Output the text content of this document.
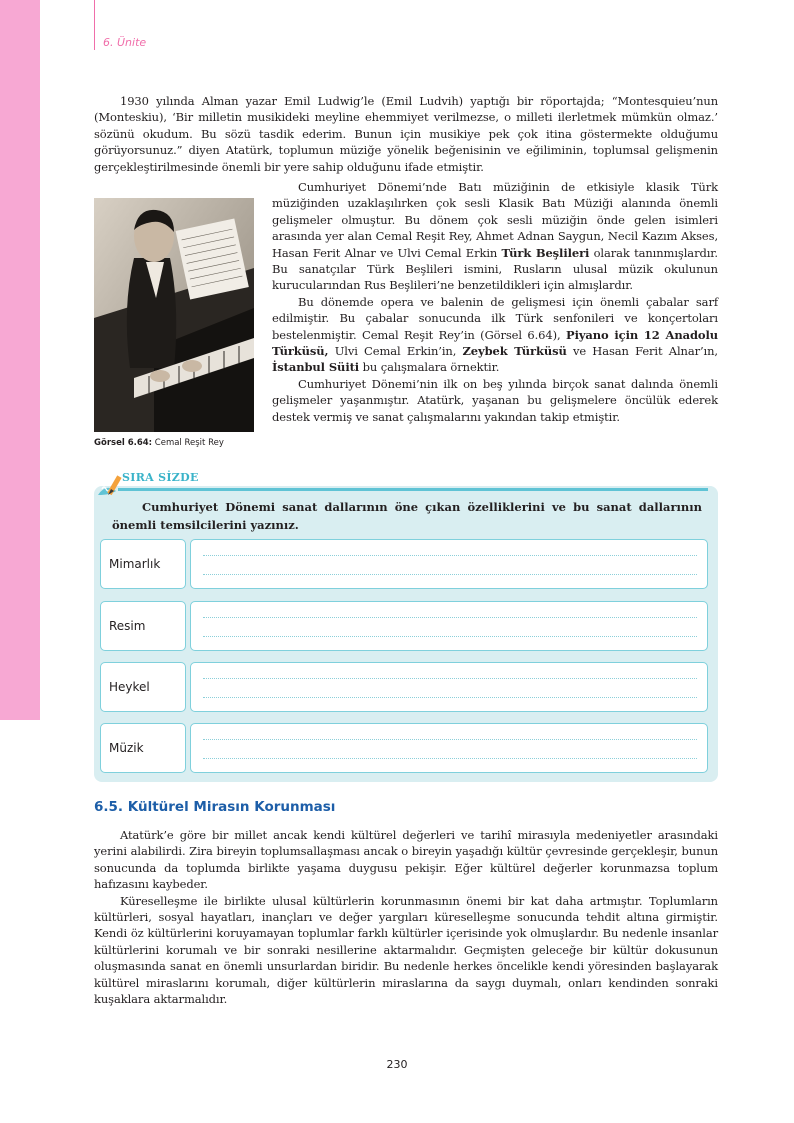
6. Ünite

1930 yılında Alman yazar Emil Ludwig’le (Emil Ludvih) yaptığı bir röportajda; “Montesquieu’nun (Monteskiu), ‘Bir milletin musikideki meyline ehemmiyet verilmezse, o milleti ilerletmek mümkün olmaz.’ sözünü okudum. Bu sözü tasdik ederim. Bunun için musikiye pek çok itina göstermekte olduğumu görüyorsunuz.” diyen Atatürk, toplumun müziğe yönelik beğenisinin ve eğiliminin, toplumsal gelişmenin gerçekleştirilmesinde önemli bir yere sahip olduğunu ifade etmiştir.

Görsel 6.64: Cemal Reşit Rey

Cumhuriyet Dönemi’nde Batı müziğinin de etkisiyle klasik Türk müziğinden uzaklaşılırken çok sesli Klasik Batı Müziği alanında önemli gelişmeler olmuştur. Bu dönem çok sesli müziğin önde gelen isimleri arasında yer alan Cemal Reşit Rey, Ahmet Adnan Saygun, Necil Kazım Akses, Hasan Ferit Alnar ve Ulvi Cemal Erkin Türk Beşlileri olarak tanınmışlardır. Bu sanatçılar Türk Beşlileri ismini, Rusların ulusal müzik okulunun kurucularından Rus Beşlileri’ne benzetildikleri için almışlardır.

Bu dönemde opera ve balenin de gelişmesi için önemli çabalar sarf edilmiştir. Bu çabalar sonucunda ilk Türk senfonileri ve konçertoları bestelenmiştir. Cemal Reşit Rey’in (Görsel 6.64), Piyano için 12 Anadolu Türküsü, Ulvi Cemal Erkin’in, Zeybek Türküsü ve Hasan Ferit Alnar’ın, İstanbul Süiti bu çalışmalara örnektir.

Cumhuriyet Dönemi’nin ilk on beş yılında birçok sanat dalında önemli gelişmeler yaşanmıştır. Atatürk, yaşanan bu gelişmelere öncülük ederek destek vermiş ve sanat çalışmalarını yakından takip etmiştir.

SIRA SİZDE

Cumhuriyet Dönemi sanat dallarının öne çıkan özelliklerini ve bu sanat dallarının önemli temsilcilerini yazınız.

Mimarlık
Resim
Heykel
Müzik
6.5. Kültürel Mirasın Korunması

Atatürk’e göre bir millet ancak kendi kültürel değerleri ve tarihî mirasıyla medeniyetler arasındaki yerini alabilirdi. Zira bireyin toplumsallaşması ancak o bireyin yaşadığı kültür çevresinde gerçekleşir, bunun sonucunda da toplumda birlikte yaşama duygusu pekişir. Eğer kültürel değerler korunmazsa toplum hafızasını kaybeder.

Küreselleşme ile birlikte ulusal kültürlerin korunmasının önemi bir kat daha artmıştır. Toplumların kültürleri, sosyal hayatları, inançları ve değer yargıları küreselleşme sonucunda tehdit altına girmiştir. Kendi öz kültürlerini koruyamayan toplumlar farklı kültürler içerisinde yok olmuşlardır. Bu nedenle insanlar kültürlerini korumalı ve bir sonraki nesillerine aktarmalıdır. Geçmişten geleceğe bir kültür dokusunun oluşmasında sanat en önemli unsurlardan biridir. Bu nedenle herkes öncelikle kendi yöresinden başlayarak kültürel miraslarını korumalı, diğer kültürlerin miraslarına da saygı duymalı, onları kendinden sonraki kuşaklara aktarmalıdır.

230
